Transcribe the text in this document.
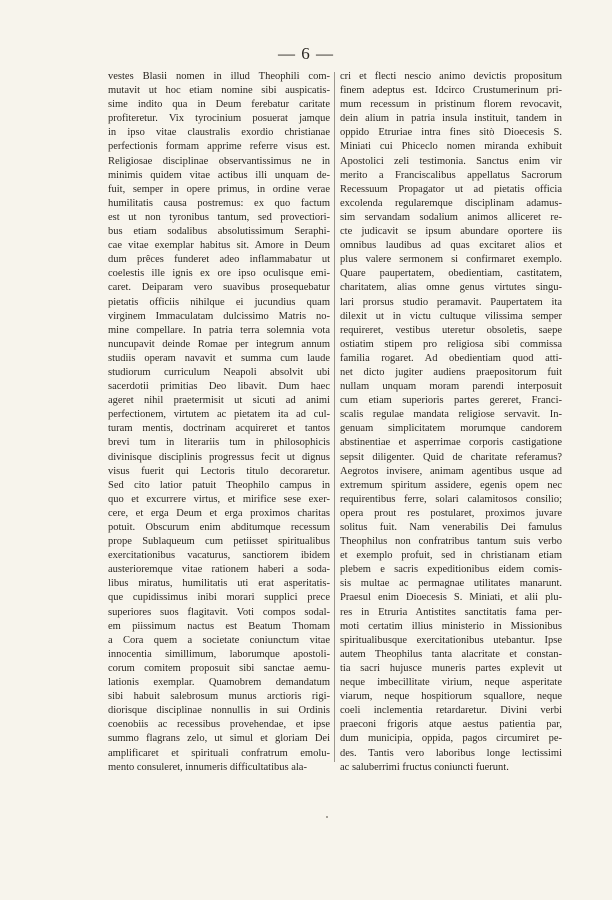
— 6 —
vestes Blasii nomen in illud Theophili com-
mutavit ut hoc etiam nomine sibi auspicatis-
sime indito qua in Deum ferebatur caritate
profiteretur. Vix tyrocinium posuerat jamque
in ipso vitae claustralis exordio christianae
perfectionis formam apprime referre visus est.
Religiosae disciplinae observantissimus ne in
minimis quidem vitae actibus illi unquam de-
fuit, semper in opere primus, in ordine verae
humilitatis causa postremus: ex quo factum
est ut non tyronibus tantum, sed provectiori-
bus etiam sodalibus absolutissimum Seraphi-
cae vitae exemplar habitus sit. Amore in Deum
dum prêces funderet adeo inflammabatur ut
coelestis ille ignis ex ore ipso oculisque emi-
caret. Deiparam vero suavibus prosequebatur
pietatis officiis nihilque ei jucundius quam
virginem Immaculatam dulcissimo Matris no-
mine compellare. In patria terra solemnia vota
nuncupavit deinde Romae per integrum annum
studiis operam navavit et summa cum laude
studiorum curriculum Neapoli absolvit ubi
sacerdotii primitias Deo libavit. Dum haec
ageret nihil praetermisit ut sicuti ad animi
perfectionem, virtutem ac pietatem ita ad cul-
turam mentis, doctrinam acquireret et tantos
brevi tum in literariis tum in philosophicis
divinisque disciplinis progressus fecit ut dignus
visus fuerit qui Lectoris titulo decoraretur.
Sed cito latior patuit Theophilo campus in
quo et excurrere virtus, et mirifice sese exer-
cere, et erga Deum et erga proximos charitas
potuit. Obscurum enim abditumque recessum
prope Sublaqueum cum petiisset spiritualibus
exercitationibus vacaturus, sanctiorem ibidem
austerioremque vitae rationem haberi a soda-
libus miratus, humilitatis uti erat asperitatis-
que cupidissimus inibi morari supplici prece
superiores suos flagitavit. Voti compos sodal-
em piissimum nactus est Beatum Thomam
a Cora quem a societate coniunctum vitae
innocentia simillimum, laborumque apostoli-
corum comitem proposuit sibi sanctae aemu-
lationis exemplar. Quamobrem demandatum
sibi habuit salebrosum munus arctioris rigi-
diorisque disciplinae nonnullis in sui Ordinis
coenobiis ac recessibus provehendae, et ipse
summo flagrans zelo, ut simul et gloriam Dei
amplificaret et spirituali confratrum emolu-
mento consuleret, innumeris difficultatibus ala-
cri et flecti nescio animo devictis propositum
finem adeptus est. Idcirco Crustumerinum pri-
mum recessum in pristinum florem revocavit,
dein alium in patria insula instituit, tandem in
oppido Etruriae intra fines sitò Dioecesis S.
Miniati cui Phiceclo nomen miranda exhibuit
Apostolici zeli testimonia. Sanctus enim vir
merito a Franciscalibus appellatus Sacrorum
Recessuum Propagator ut ad pietatis officia
excolenda regularemque disciplinam adamus-
sim servandam sodalium animos alliceret re-
cte judicavit se ipsum abundare oportere iis
omnibus laudibus ad quas excitaret alios et
plus valere sermonem si confirmaret exemplo.
Quare paupertatem, obedientiam, castitatem,
charitatem, alias omne genus virtutes singu-
lari prorsus studio peramavit. Paupertatem ita
dilexit ut in victu cultuque vilissima semper
requireret, vestibus uteretur obsoletis, saepe
ostiatim stipem pro religiosa sibi commissa
familia rogaret. Ad obedientiam quod atti-
net dicto jugiter audiens praepositorum fuit
nullam unquam moram parendi interposuit
cum etiam superioris partes gereret, Franci-
scalis regulae mandata religiose servavit. In-
genuam simplicitatem morumque candorem
abstinentiae et asperrimae corporis castigatione
sepsit diligenter. Quid de charitate referamus?
Aegrotos invisere, animam agentibus usque ad
extremum spiritum assidere, egenis opem nec
requirentibus ferre, solari calamitosos consilio;
opera prout res postularet, proximos juvare
solitus fuit. Nam venerabilis Dei famulus
Theophilus non confratribus tantum suis verbo
et exemplo profuit, sed in christianam etiam
plebem e sacris expeditionibus eidem comis-
sis multae ac permagnae utilitates manarunt.
Praesul enim Dioecesis S. Miniati, et alii plu-
res in Etruria Antistites sanctitatis fama per-
moti certatim illius ministerio in Missionibus
spiritualibusque exercitationibus utebantur. Ipse
autem Theophilus tanta alacritate et constan-
tia sacri hujusce muneris partes explevit ut
neque imbecillitate virium, neque asperitate
viarum, neque hospitiorum squallore, neque
coeli inclementia retardaretur. Divini verbi
praeconi frigoris atque aestus patientia par,
dum municipia, oppida, pagos circumiret pe-
des. Tantis vero laboribus longe lectissimi
ac saluberrimi fructus coniuncti fuerunt.
